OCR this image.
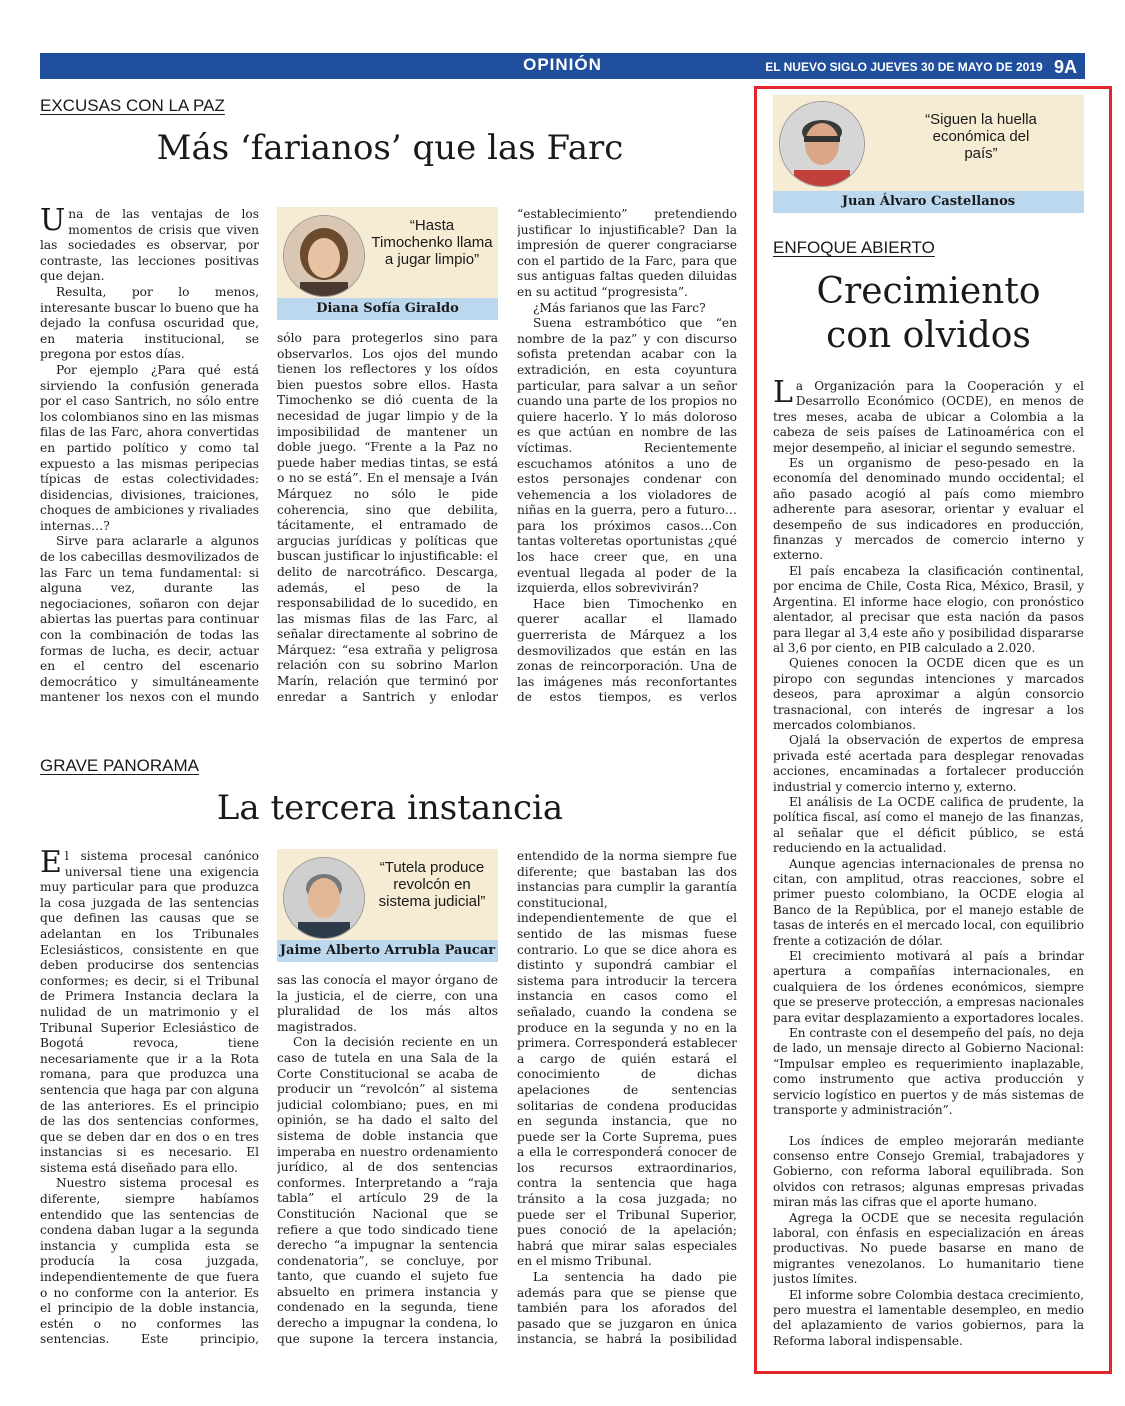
OPINIÓN	EL NUEVO SIGLO JUEVES 30 DE MAYO DE 2019 9A
EXCUSAS CON LA PAZ
Más ‘farianos’ que las Farc

Una de las ventajas de los momentos de crisis que viven las sociedades es observar, por contraste, las lecciones positivas que dejan.

Resulta, por lo menos, interesante buscar lo bueno que ha dejado la confusa oscuridad que, en materia institucional, se pregona por estos días.

Por ejemplo ¿Para qué está sirviendo la confusión generada por el caso Santrich, no sólo entre los colombianos sino en las mismas filas de las Farc, ahora convertidas en partido político y como tal expuesto a las mismas peripecias típicas de estas colectividades: disidencias, divisiones, traiciones, choques de ambiciones y rivaliades internas…?

Sirve para aclararle a algunos de los cabecillas desmovilizados de las Farc un tema fundamental: si alguna vez, durante las negociaciones, soñaron con dejar abiertas las puertas para continuar con la combinación de todas las formas de lucha, es decir, actuar en el centro del escenario democrático y simultáneamente mantener los nexos con el mundo

“Hasta Timochenko llama a jugar limpio”
Diana Sofía Giraldo

sólo para protegerlos sino para observarlos. Los ojos del mundo tienen los reflectores y los oídos bien puestos sobre ellos. Hasta Timochenko se dió cuenta de la necesidad de jugar limpio y de la imposibilidad de mantener un doble juego. “Frente a la Paz no puede haber medias tintas, se está o no se está”. En el mensaje a Iván Márquez no sólo le pide coherencia, sino que debilita, tácitamente, el entramado de argucias jurídicas y políticas que buscan justificar lo injustificable: el delito de narcotráfico. Descarga, además, el peso de la responsabilidad de lo sucedido, en las mismas filas de las Farc, al señalar directamente al sobrino de Márquez: “esa extraña y peligrosa relación con su sobrino Marlon Marín, relación que terminó por enredar a Santrich y enlodar

“establecimiento” pretendiendo justificar lo injustificable? Dan la impresión de querer congraciarse con el partido de la Farc, para que sus antiguas faltas queden diluidas en su actitud “progresista”.

¿Más farianos que las Farc?

Suena estrambótico que “en nombre de la paz” y con discurso sofista pretendan acabar con la extradición, en esta coyuntura particular, para salvar a un señor cuando una parte de los propios no quiere hacerlo. Y lo más doloroso es que actúan en nombre de las víctimas. Recientemente escuchamos atónitos a uno de estos personajes condenar con vehemencia a los violadores de niñas en la guerra, pero a futuro…para los próximos casos…Con tantas volteretas oportunistas ¿qué los hace creer que, en una eventual llegada al poder de la izquierda, ellos sobrevivirán?

Hace bien Timochenko en querer acallar el llamado guerrerista de Márquez a los desmovilizados que están en las zonas de reincorporación. Una de las imágenes más reconfortantes de estos tiempos, es verlos

GRAVE PANORAMA
La tercera instancia

El sistema procesal canónico universal tiene una exigencia muy particular para que produzca la cosa juzgada de las sentencias que definen las causas que se adelantan en los Tribunales Eclesiásticos, consistente en que deben producirse dos sentencias conformes; es decir, si el Tribunal de Primera Instancia declara la nulidad de un matrimonio y el Tribunal Superior Eclesiástico de Bogotá revoca, tiene necesariamente que ir a la Rota romana, para que produzca una sentencia que haga par con alguna de las anteriores. Es el principio de las dos sentencias conformes, que se deben dar en dos o en tres instancias si es necesario. El sistema está diseñado para ello.

Nuestro sistema procesal es diferente, siempre habíamos entendido que las sentencias de condena daban lugar a la segunda instancia y cumplida esta se producía la cosa juzgada, independientemente de que fuera o no conforme con la anterior. Es el principio de la doble instancia, estén o no conformes las sentencias. Este principio,

“Tutela produce revolcón en sistema judicial”
Jaime Alberto Arrubla Paucar

sas las conocía el mayor órgano de la justicia, el de cierre, con una pluralidad de los más altos magistrados.

Con la decisión reciente en un caso de tutela en una Sala de la Corte Constitucional se acaba de producir un “revolcón” al sistema judicial colombiano; pues, en mi opinión, se ha dado el salto del sistema de doble instancia que imperaba en nuestro ordenamiento jurídico, al de dos sentencias conformes. Interpretando a “raja tabla” el artículo 29 de la Constitución Nacional que se refiere a que todo sindicado tiene derecho “a impugnar la sentencia condenatoria”, se concluye, por tanto, que cuando el sujeto fue absuelto en primera instancia y condenado en la segunda, tiene derecho a impugnar la condena, lo que supone la tercera instancia,

entendido de la norma siempre fue diferente; que bastaban las dos instancias para cumplir la garantía constitucional, independientemente de que el sentido de las mismas fuese contrario. Lo que se dice ahora es distinto y supondrá cambiar el sistema para introducir la tercera instancia en casos como el señalado, cuando la condena se produce en la segunda y no en la primera. Corresponderá establecer a cargo de quién estará el conocimiento de dichas apelaciones de sentencias solitarias de condena producidas en segunda instancia, que no puede ser la Corte Suprema, pues a ella le corresponderá conocer de los recursos extraordinarios, contra la sentencia que haga tránsito a la cosa juzgada; no puede ser el Tribunal Superior, pues conoció de la apelación; habrá que mirar salas especiales en el mismo Tribunal.

La sentencia ha dado pie además para que se piense que también para los aforados del pasado que se juzgaron en única instancia, se habrá la posibilidad

“Siguen la huella económica del país”
Juan Álvaro Castellanos
ENFOQUE ABIERTO
Crecimiento
con olvidos

La Organización para la Cooperación y el Desarrollo Económico (OCDE), en menos de tres meses, acaba de ubicar a Colombia a la cabeza de seis países de Latinoamérica con el mejor desempeño, al iniciar el segundo semestre.

Es un organismo de peso-pesado en la economía del denominado mundo occidental; el año pasado acogió al país como miembro adherente para asesorar, orientar y evaluar el desempeño de sus indicadores en producción, finanzas y mercados de comercio interno y externo.

El país encabeza la clasificación continental, por encima de Chile, Costa Rica, México, Brasil, y Argentina. El informe hace elogio, con pronóstico alentador, al precisar que esta nación da pasos para llegar al 3,4 este año y posibilidad dispararse al 3,6 por ciento, en PIB calculado a 2.020.

Quienes conocen la OCDE dicen que es un piropo con segundas intenciones y marcados deseos, para aproximar a algún consorcio trasnacional, con interés de ingresar a los mercados colombianos.

Ojalá la observación de expertos de empresa privada esté acertada para desplegar renovadas acciones, encaminadas a fortalecer producción industrial y comercio interno y, externo.

El análisis de La OCDE califica de prudente, la política fiscal, así como el manejo de las finanzas, al señalar que el déficit público, se está reduciendo en la actualidad.

Aunque agencias internacionales de prensa no citan, con amplitud, otras reacciones, sobre el primer puesto colombiano, la OCDE elogia al Banco de la República, por el manejo estable de tasas de interés en el mercado local, con equilibrio frente a cotización de dólar.

El crecimiento motivará al país a brindar apertura a compañías internacionales, en cualquiera de los órdenes económicos, siempre que se preserve protección, a empresas nacionales para evitar desplazamiento a exportadores locales.

En contraste con el desempeño del país, no deja de lado, un mensaje directo al Gobierno Nacional: “Impulsar empleo es requerimiento inaplazable, como instrumento que activa producción y servicio logístico en puertos y de más sistemas de transporte y administración”.

Los índices de empleo mejorarán mediante consenso entre Consejo Gremial, trabajadores y Gobierno, con reforma laboral equilibrada. Son olvidos con retrasos; algunas empresas privadas miran más las cifras que el aporte humano.

Agrega la OCDE que se necesita regulación laboral, con énfasis en especialización en áreas productivas. No puede basarse en mano de migrantes venezolanos. Lo humanitario tiene justos límites.

El informe sobre Colombia destaca crecimiento, pero muestra el lamentable desempleo, en medio del aplazamiento de varios gobiernos, para la Reforma laboral indispensable.
